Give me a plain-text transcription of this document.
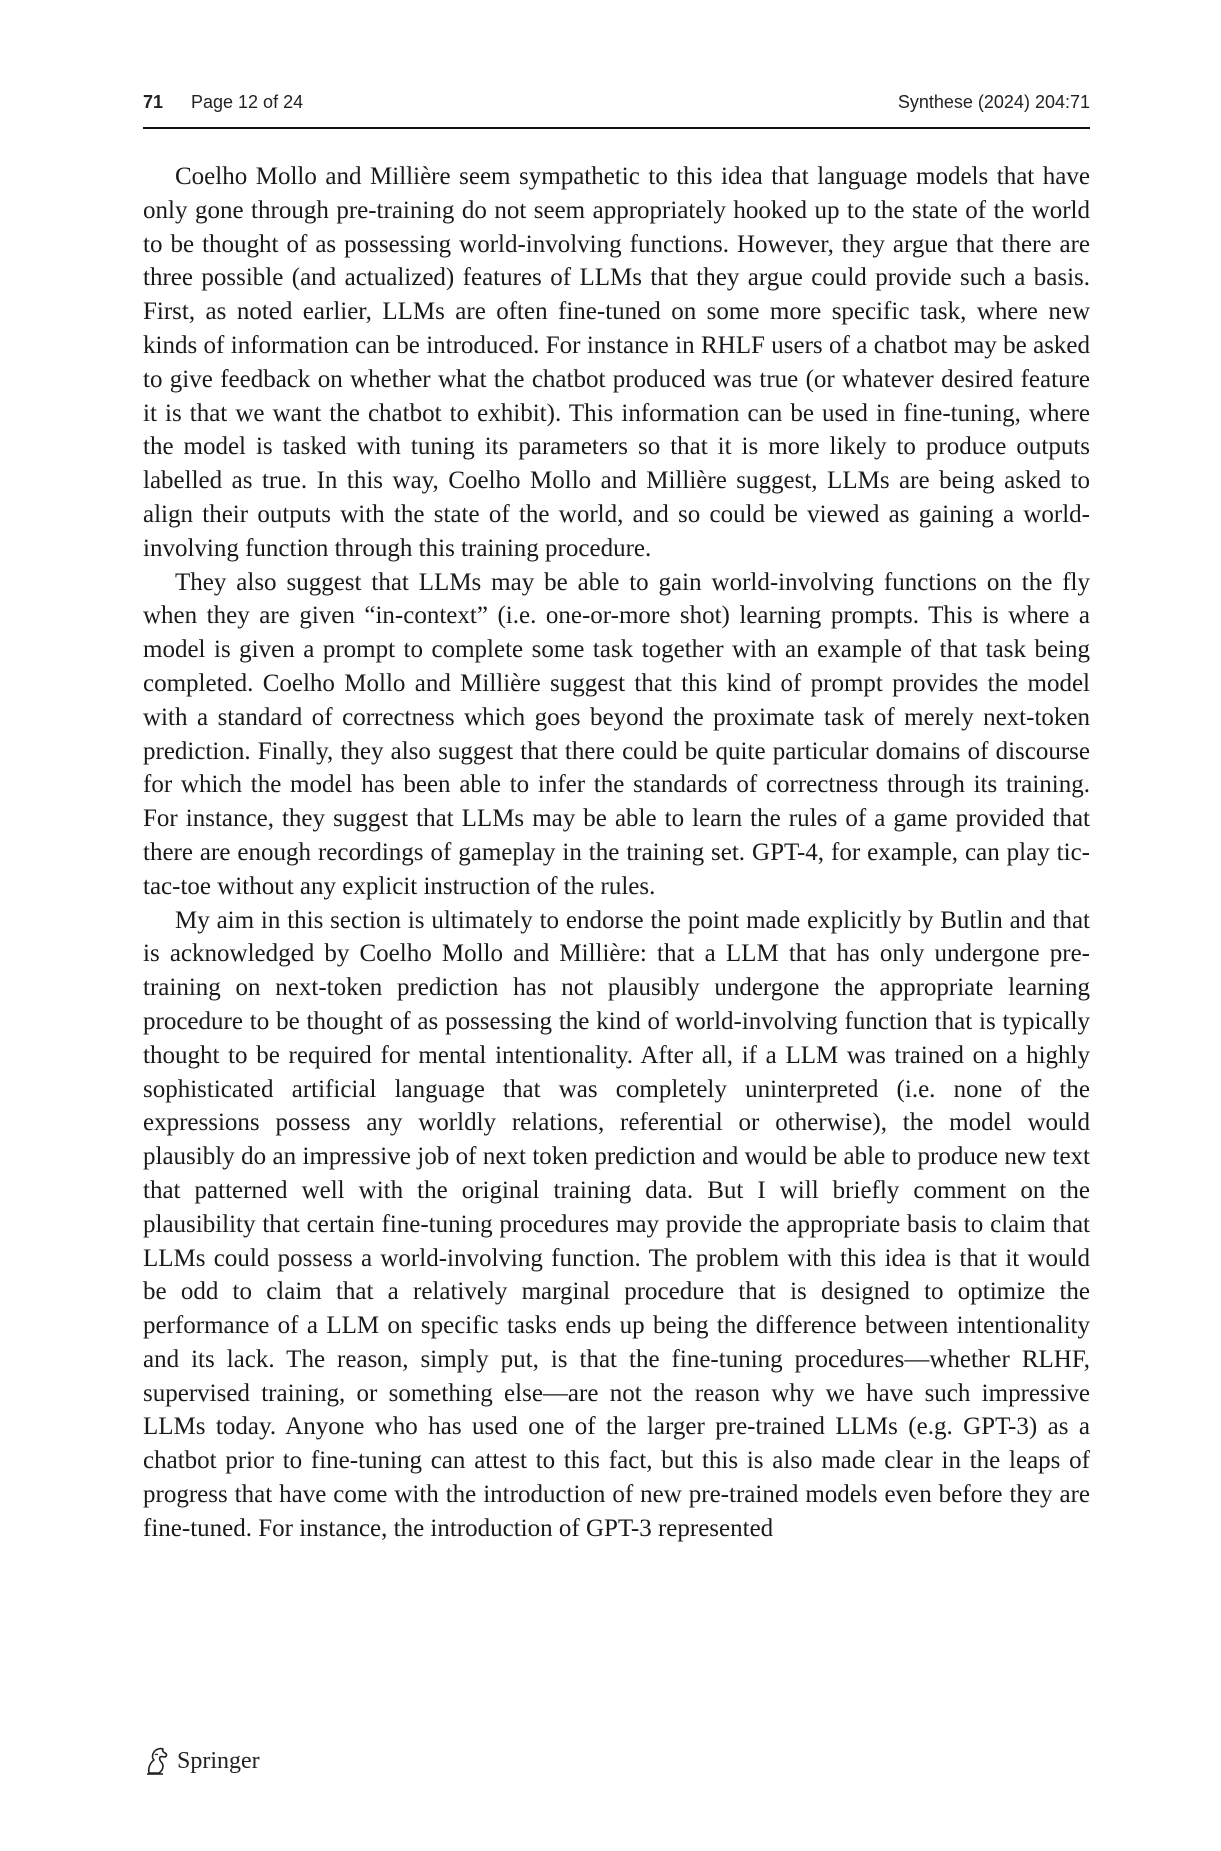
71 Page 12 of 24	Synthese (2024) 204:71

Coelho Mollo and Millière seem sympathetic to this idea that language models that have only gone through pre-training do not seem appropriately hooked up to the state of the world to be thought of as possessing world-involving functions. However, they argue that there are three possible (and actualized) features of LLMs that they argue could provide such a basis. First, as noted earlier, LLMs are often fine-tuned on some more specific task, where new kinds of information can be introduced. For instance in RHLF users of a chatbot may be asked to give feedback on whether what the chatbot produced was true (or whatever desired feature it is that we want the chatbot to exhibit). This information can be used in fine-tuning, where the model is tasked with tuning its parameters so that it is more likely to produce outputs labelled as true. In this way, Coelho Mollo and Millière suggest, LLMs are being asked to align their outputs with the state of the world, and so could be viewed as gaining a world-involving function through this training procedure.

They also suggest that LLMs may be able to gain world-involving functions on the fly when they are given “in-context” (i.e. one-or-more shot) learning prompts. This is where a model is given a prompt to complete some task together with an example of that task being completed. Coelho Mollo and Millière suggest that this kind of prompt provides the model with a standard of correctness which goes beyond the proximate task of merely next-token prediction. Finally, they also suggest that there could be quite particular domains of discourse for which the model has been able to infer the standards of correctness through its training. For instance, they suggest that LLMs may be able to learn the rules of a game provided that there are enough recordings of gameplay in the training set. GPT-4, for example, can play tic-tac-toe without any explicit instruction of the rules.

My aim in this section is ultimately to endorse the point made explicitly by Butlin and that is acknowledged by Coelho Mollo and Millière: that a LLM that has only undergone pre-training on next-token prediction has not plausibly undergone the appropriate learning procedure to be thought of as possessing the kind of world-involving function that is typically thought to be required for mental intentionality. After all, if a LLM was trained on a highly sophisticated artificial language that was completely uninterpreted (i.e. none of the expressions possess any worldly relations, referential or otherwise), the model would plausibly do an impressive job of next token prediction and would be able to produce new text that patterned well with the original training data. But I will briefly comment on the plausibility that certain fine-tuning procedures may provide the appropriate basis to claim that LLMs could possess a world-involving function. The problem with this idea is that it would be odd to claim that a relatively marginal procedure that is designed to optimize the performance of a LLM on specific tasks ends up being the difference between intentionality and its lack. The reason, simply put, is that the fine-tuning procedures—whether RLHF, supervised training, or something else—are not the reason why we have such impressive LLMs today. Anyone who has used one of the larger pre-trained LLMs (e.g. GPT-3) as a chatbot prior to fine-tuning can attest to this fact, but this is also made clear in the leaps of progress that have come with the introduction of new pre-trained models even before they are fine-tuned. For instance, the introduction of GPT-3 represented

Springer
